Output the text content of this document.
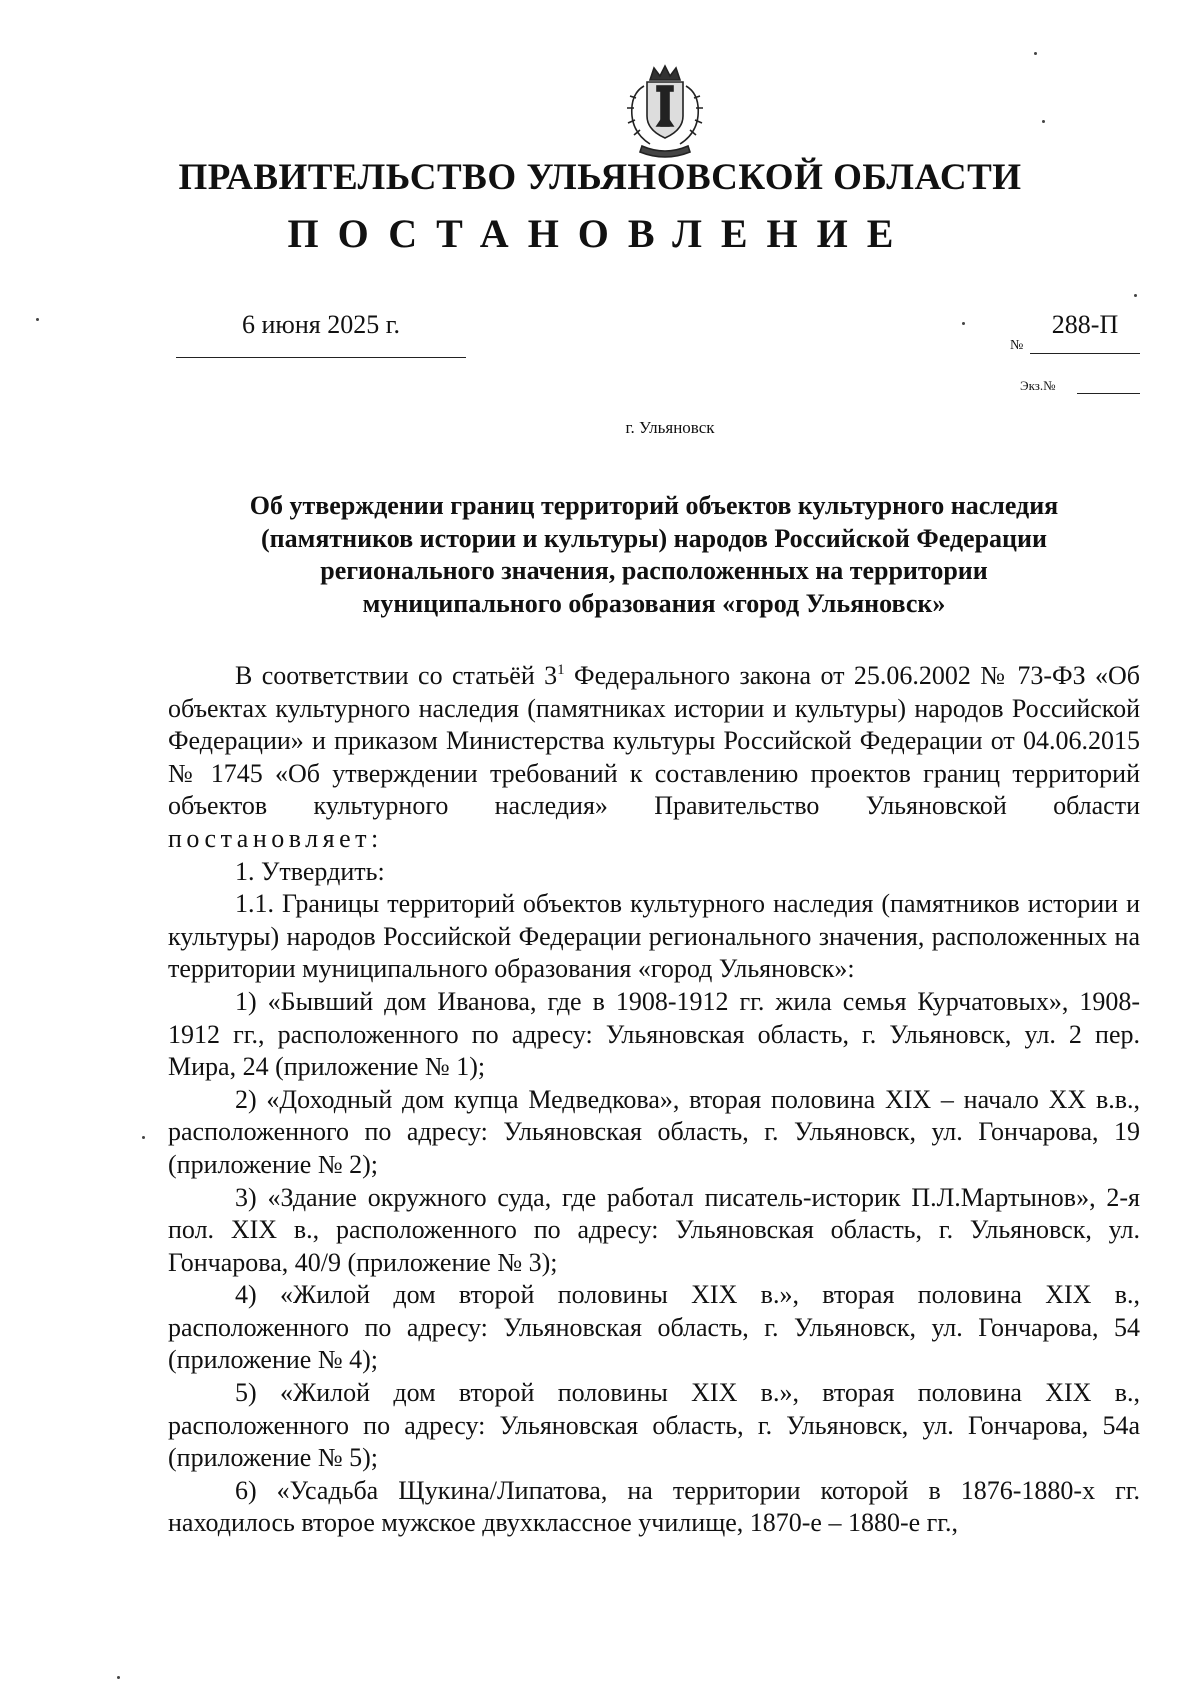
ПРАВИТЕЛЬСТВО УЛЬЯНОВСКОЙ ОБЛАСТИ
ПОСТАНОВЛЕНИЕ
6 июня 2025 г.
№
288-П
Экз.№
г. Ульяновск
Об утверждении границ территорий объектов культурного наследия
(памятников истории и культуры) народов Российской Федерации
регионального значения, расположенных на территории
муниципального образования «город Ульяновск»

В соответствии со статьёй $3^1$ Федерального закона от 25.06.2002 № 73-ФЗ «Об объектах культурного наследия (памятниках истории и культуры) народов Российской Федерации» и приказом Министерства культуры Российской Федерации от 04.06.2015 № 1745 «Об утверждении требований к составлению проектов границ территорий объектов культурного наследия» Правительство Ульяновской области постановляет:

1. Утвердить:

1.1. Границы территорий объектов культурного наследия (памятников истории и культуры) народов Российской Федерации регионального значения, расположенных на территории муниципального образования «город Ульяновск»:

1) «Бывший дом Иванова, где в 1908-1912 гг. жила семья Курчатовых», 1908-1912 гг., расположенного по адресу: Ульяновская область, г. Ульяновск, ул. 2 пер. Мира, 24 (приложение № 1);

2) «Доходный дом купца Медведкова», вторая половина XIX – начало XX в.в., расположенного по адресу: Ульяновская область, г. Ульяновск, ул. Гончарова, 19 (приложение № 2);

3) «Здание окружного суда, где работал писатель-историк П.Л.Мартынов», 2-я пол. XIX в., расположенного по адресу: Ульяновская область, г. Ульяновск, ул. Гончарова, 40/9 (приложение № 3);

4) «Жилой дом второй половины XIX в.», вторая половина XIX в., расположенного по адресу: Ульяновская область, г. Ульяновск, ул. Гончарова, 54 (приложение № 4);

5) «Жилой дом второй половины XIX в.», вторая половина XIX в., расположенного по адресу: Ульяновская область, г. Ульяновск, ул. Гончарова, 54а (приложение № 5);

6) «Усадьба Щукина/Липатова, на территории которой в 1876-1880-х гг. находилось второе мужское двухклассное училище, 1870-е – 1880-е гг.,
